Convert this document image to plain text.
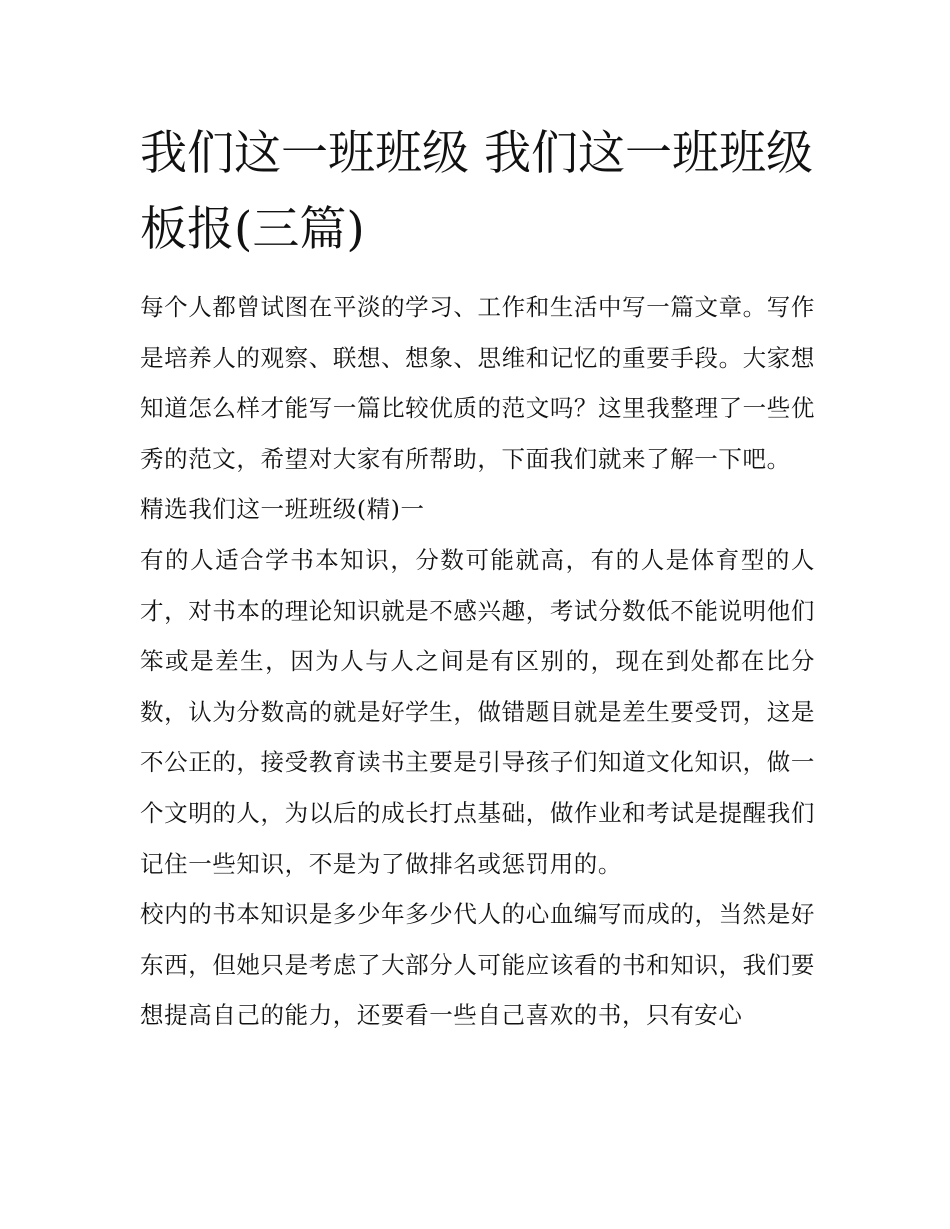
我们这一班班级 我们这一班班级板报(三篇)

每个人都曾试图在平淡的学习、工作和生活中写一篇文章。写作是培养人的观察、联想、想象、思维和记忆的重要手段。大家想知道怎么样才能写一篇比较优质的范文吗？这里我整理了一些优秀的范文，希望对大家有所帮助，下面我们就来了解一下吧。

精选我们这一班班级(精)一

有的人适合学书本知识，分数可能就高，有的人是体育型的人才，对书本的理论知识就是不感兴趣，考试分数低不能说明他们笨或是差生，因为人与人之间是有区别的，现在到处都在比分数，认为分数高的就是好学生，做错题目就是差生要受罚，这是不公正的，接受教育读书主要是引导孩子们知道文化知识，做一个文明的人，为以后的成长打点基础，做作业和考试是提醒我们记住一些知识，不是为了做排名或惩罚用的。

校内的书本知识是多少年多少代人的心血编写而成的，当然是好东西，但她只是考虑了大部分人可能应该看的书和知识，我们要想提高自己的能力，还要看一些自己喜欢的书，只有安心
